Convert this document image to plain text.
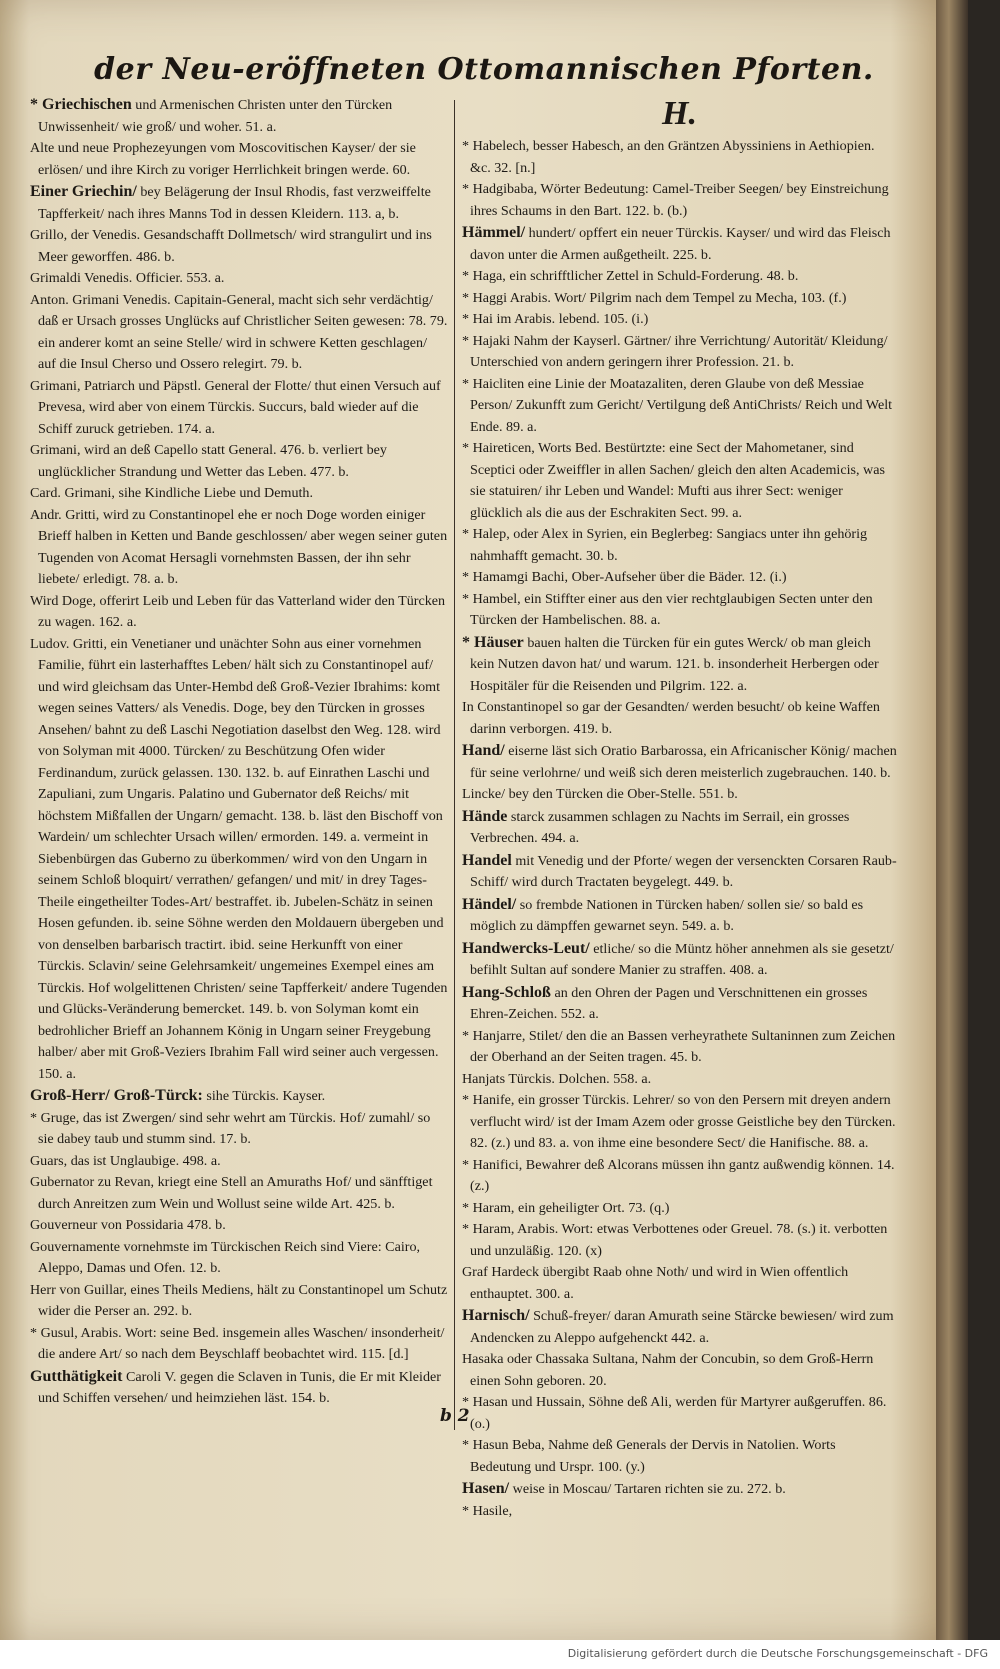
der Neu-eröffneten Ottomannischen Pforten.

* Griechischen und Armenischen Christen unter den Türcken Unwissenheit/ wie groß/ und woher. 51. a.

Alte und neue Prophezeyungen vom Moscovitischen Kayser/ der sie erlösen/ und ihre Kirch zu voriger Herrlichkeit bringen werde. 60.

Einer Griechin/ bey Belägerung der Insul Rhodis, fast verzweiffelte Tapfferkeit/ nach ihres Manns Tod in dessen Kleidern. 113. a, b.

Grillo, der Venedis. Gesandschafft Dollmetsch/ wird strangulirt und ins Meer geworffen. 486. b.

Grimaldi Venedis. Officier. 553. a.

Anton. Grimani Venedis. Capitain-General, macht sich sehr verdächtig/ daß er Ursach grosses Unglücks auf Christlicher Seiten gewesen: 78. 79. ein anderer komt an seine Stelle/ wird in schwere Ketten geschlagen/ auf die Insul Cherso und Ossero relegirt. 79. b.

Grimani, Patriarch und Päpstl. General der Flotte/ thut einen Versuch auf Prevesa, wird aber von einem Türckis. Succurs, bald wieder auf die Schiff zuruck getrieben. 174. a.

Grimani, wird an deß Capello statt General. 476. b. verliert bey unglücklicher Strandung und Wetter das Leben. 477. b.

Card. Grimani, sihe Kindliche Liebe und Demuth.

Andr. Gritti, wird zu Constantinopel ehe er noch Doge worden einiger Brieff halben in Ketten und Bande geschlossen/ aber wegen seiner guten Tugenden von Acomat Hersagli vornehmsten Bassen, der ihn sehr liebete/ erledigt. 78. a. b.

Wird Doge, offerirt Leib und Leben für das Vatterland wider den Türcken zu wagen. 162. a.

Ludov. Gritti, ein Venetianer und unächter Sohn aus einer vornehmen Familie, führt ein lasterhafftes Leben/ hält sich zu Constantinopel auf/ und wird gleichsam das Unter-Hembd deß Groß-Vezier Ibrahims: komt wegen seines Vatters/ als Venedis. Doge, bey den Türcken in grosses Ansehen/ bahnt zu deß Laschi Negotiation daselbst den Weg. 128. wird von Solyman mit 4000. Türcken/ zu Beschützung Ofen wider Ferdinandum, zurück gelassen. 130. 132. b. auf Einrathen Laschi und Zapuliani, zum Ungaris. Palatino und Gubernator deß Reichs/ mit höchstem Mißfallen der Ungarn/ gemacht. 138. b. läst den Bischoff von Wardein/ um schlechter Ursach willen/ ermorden. 149. a. vermeint in Siebenbürgen das Guberno zu überkommen/ wird von den Ungarn in seinem Schloß bloquirt/ verrathen/ gefangen/ und mit/ in drey Tages-Theile eingetheilter Todes-Art/ bestraffet. ib. Jubelen-Schätz in seinen Hosen gefunden. ib. seine Söhne werden den Moldauern übergeben und von denselben barbarisch tractirt. ibid. seine Herkunfft von einer Türckis. Sclavin/ seine Gelehrsamkeit/ ungemeines Exempel eines am Türckis. Hof wolgelittenen Christen/ seine Tapfferkeit/ andere Tugenden und Glücks-Veränderung bemercket. 149. b. von Solyman komt ein bedrohlicher Brieff an Johannem König in Ungarn seiner Freygebung halber/ aber mit Groß-Veziers Ibrahim Fall wird seiner auch vergessen. 150. a.

Groß-Herr/ Groß-Türck: sihe Türckis. Kayser.

* Gruge, das ist Zwergen/ sind sehr wehrt am Türckis. Hof/ zumahl/ so sie dabey taub und stumm sind. 17. b.

Guars, das ist Unglaubige. 498. a.

Gubernator zu Revan, kriegt eine Stell an Amuraths Hof/ und sänfftiget durch Anreitzen zum Wein und Wollust seine wilde Art. 425. b.

Gouverneur von Possidaria 478. b.

Gouvernamente vornehmste im Türckischen Reich sind Viere: Cairo, Aleppo, Damas und Ofen. 12. b.

Herr von Guillar, eines Theils Mediens, hält zu Constantinopel um Schutz wider die Perser an. 292. b.

* Gusul, Arabis. Wort: seine Bed. insgemein alles Waschen/ insonderheit/ die andere Art/ so nach dem Beyschlaff beobachtet wird. 115. [d.]

Gutthätigkeit Caroli V. gegen die Sclaven in Tunis, die Er mit Kleider und Schiffen versehen/ und heimziehen läst. 154. b.

H.

* Habelech, besser Habesch, an den Gräntzen Abyssiniens in Aethiopien. &c. 32. [n.]

* Hadgibaba, Wörter Bedeutung: Camel-Treiber Seegen/ bey Einstreichung ihres Schaums in den Bart. 122. b. (b.)

Hämmel/ hundert/ opffert ein neuer Türckis. Kayser/ und wird das Fleisch davon unter die Armen außgetheilt. 225. b.

* Haga, ein schrifftlicher Zettel in Schuld-Forderung. 48. b.

* Haggi Arabis. Wort/ Pilgrim nach dem Tempel zu Mecha, 103. (f.)

* Hai im Arabis. lebend. 105. (i.)

* Hajaki Nahm der Kayserl. Gärtner/ ihre Verrichtung/ Autorität/ Kleidung/ Unterschied von andern geringern ihrer Profession. 21. b.

* Haicliten eine Linie der Moatazaliten, deren Glaube von deß Messiae Person/ Zukunfft zum Gericht/ Vertilgung deß AntiChrists/ Reich und Welt Ende. 89. a.

* Haireticen, Worts Bed. Bestürtzte: eine Sect der Mahometaner, sind Sceptici oder Zweiffler in allen Sachen/ gleich den alten Academicis, was sie statuiren/ ihr Leben und Wandel: Mufti aus ihrer Sect: weniger glücklich als die aus der Eschrakiten Sect. 99. a.

* Halep, oder Alex in Syrien, ein Beglerbeg: Sangiacs unter ihn gehörig nahmhafft gemacht. 30. b.

* Hamamgi Bachi, Ober-Aufseher über die Bäder. 12. (i.)

* Hambel, ein Stiffter einer aus den vier rechtglaubigen Secten unter den Türcken der Hambelischen. 88. a.

* Häuser bauen halten die Türcken für ein gutes Werck/ ob man gleich kein Nutzen davon hat/ und warum. 121. b. insonderheit Herbergen oder Hospitäler für die Reisenden und Pilgrim. 122. a.

In Constantinopel so gar der Gesandten/ werden besucht/ ob keine Waffen darinn verborgen. 419. b.

Hand/ eiserne läst sich Oratio Barbarossa, ein Africanischer König/ machen für seine verlohrne/ und weiß sich deren meisterlich zugebrauchen. 140. b.

Lincke/ bey den Türcken die Ober-Stelle. 551. b.

Hände starck zusammen schlagen zu Nachts im Serrail, ein grosses Verbrechen. 494. a.

Handel mit Venedig und der Pforte/ wegen der versenckten Corsaren Raub-Schiff/ wird durch Tractaten beygelegt. 449. b.

Händel/ so frembde Nationen in Türcken haben/ sollen sie/ so bald es möglich zu dämpffen gewarnet seyn. 549. a. b.

Handwercks-Leut/ etliche/ so die Müntz höher annehmen als sie gesetzt/ befihlt Sultan auf sondere Manier zu straffen. 408. a.

Hang-Schloß an den Ohren der Pagen und Verschnittenen ein grosses Ehren-Zeichen. 552. a.

* Hanjarre, Stilet/ den die an Bassen verheyrathete Sultaninnen zum Zeichen der Oberhand an der Seiten tragen. 45. b.

Hanjats Türckis. Dolchen. 558. a.

* Hanife, ein grosser Türckis. Lehrer/ so von den Persern mit dreyen andern verflucht wird/ ist der Imam Azem oder grosse Geistliche bey den Türcken. 82. (z.) und 83. a. von ihme eine besondere Sect/ die Hanifische. 88. a.

* Hanifici, Bewahrer deß Alcorans müssen ihn gantz außwendig können. 14. (z.)

* Haram, ein geheiligter Ort. 73. (q.)

* Haram, Arabis. Wort: etwas Verbottenes oder Greuel. 78. (s.) it. verbotten und unzuläßig. 120. (x)

Graf Hardeck übergibt Raab ohne Noth/ und wird in Wien offentlich enthauptet. 300. a.

Harnisch/ Schuß-freyer/ daran Amurath seine Stärcke bewiesen/ wird zum Andencken zu Aleppo aufgehenckt 442. a.

Hasaka oder Chassaka Sultana, Nahm der Concubin, so dem Groß-Herrn einen Sohn geboren. 20.

* Hasan und Hussain, Söhne deß Ali, werden für Martyrer außgeruffen. 86. (o.)

* Hasun Beba, Nahme deß Generals der Dervis in Natolien. Worts Bedeutung und Urspr. 100. (y.)

Hasen/ weise in Moscau/ Tartaren richten sie zu. 272. b.

* Hasile,

b 2
Digitalisierung gefördert durch die Deutsche Forschungsgemeinschaft - DFG
